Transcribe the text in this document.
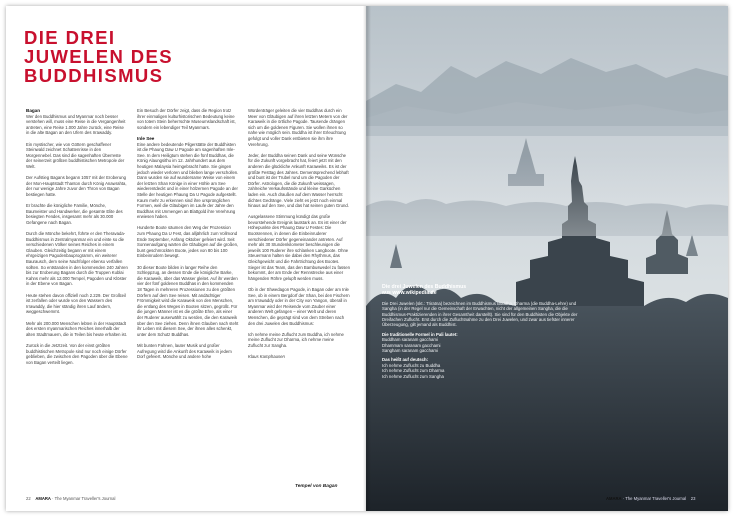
DIE DREI
JUWELEN DES
BUDDHISMUS
Bagan

Wer den Buddhismus und Myanmar noch besser verstehen will, muss eine Reise in die Vergangenheit antreten, eine Reise 1.000 Jahre zurück, eine Reise in die alte Bagan an den Ufern des Irrawaddy.

Ein mystischer, wie von Göttern geschaffener Steinwald zeichnet Schattenrisse in den Morgennebel. Das sind die sagenhaften Überreste der seinerzeit größten buddhistischen Metropole der Welt.

Der Aufstieg Bagans begann 1057 mit der Eroberung der Mon-Hauptstadt Thanton durch König Anawrahta, der nur wenige Jahre zuvor den Thron von Bagan bestiegen hatte.

Er brachte die königliche Familie, Mönche, Baumeister und Handwerker, die gesamte Elite des besiegten Fendes, insgesamt mehr als 30.000 Gefangene nach Bagan.

Durch die Mönche bekehrt, führte er den Theravada-Buddhismus in Zentralmyanmar ein und einte so die verschiedenen Völker seines Reiches in einem Glauben. Gleichzeitig begann er mit einem ehrgeizigen Pagodenbauprogramm, ein weiterer Baurausch, dem seine Nachfolger ebenso verfallen sollten. So entstanden in den kommenden 240 Jahren bis zur Eroberung Bagans durch die Truppen Kublai Kahns mehr als 12.000 Tempel, Pagoden und Klöster in der Ebene von Bagan.

Heute stehen davon offiziell noch 2.229. Der Großteil ist zerfallen oder wurde von den Wassern des Irrawaddy, die hier ständig ihren Lauf ändern, weggeschwemmt.

Mehr als 200.000 Menschen lebten in der Hauptstadt des ersten myanmarischen Reiches innerhalb der alten Stadtmauern, die in Teilen bis heute erhalten ist.

Zurück in die Jetztzeit. Von der einst größten buddhistischen Metropole sind nur noch einige Dörfer geblieben, die zwischen den Pagoden über die Ebene von Bagan verteilt liegen.

Ein Besuch der Dörfer zeigt, dass die Region trotz ihrer einmaligen kulturhistorischen Bedeutung keine von totem Stein beherrschte Museumslandschaft ist, sondern ein lebendiger Teil Myanmars.

Inle See

Eine andere bedeutende Pilgerstätte der Buddhisten ist die Phaung Daw U Pagode am sagenhaften Inle-See. In dem Heiligtum stehen die fünf Buddhas, die König Alaungsithu im 12. Jahrhundert aus dem heutigen Malaysia heimgebracht hatte. Sie gingen jedoch wieder verloren und blieben lange verschollen. Dann wurden sie auf wundersame Weise von einem der letzten Shan Könige in einer Höhle am See wiederentdeckt und in einer hölzernen Pagode an der Stelle der heutigen Phaung Da U Pagode aufgestellt. Kaum mehr zu erkennen sind ihre ursprünglichen Formen, weil die Gläubigen im Laufe der Jahre den Buddhas mit Unmengen an Blattgold ihre Verehrung erwiesen haben.

Hunderte Boote säumen den Weg der Prozession zum Phaung Da U Fest, das alljährlich zum Vollmond Ende September, Anfang Oktober gefeiert wird. Seit Sonnenaufgang warten die Gläubigen auf die großen, bunt geschmückten Boote, jedes von 80 bis 100 Einbeinrudern bewegt.

30 dieser Boote bilden in langer Reihe den Schleppzug, an dessen Ende die königliche Barke, die Karaweik, über das Wasser gleitet. Auf ihr werden vier der fünf goldenen Buddhas in den kommenden 18 Tagen in mehreren Prozessionen zu den größten Dörfern auf dem See reisen. Mit andächtiger Frömmigkeit wird die Karaweik von den Menschen, die entlang des Weges in Booten sitzen, gegrüßt. Für die jungen Männer ist es die größte Ehre, als einer der Ruderer auserwählt zu werden, die den Karaweik über den See ziehen. Denn ihnen Glauben nach steht ihr Leben mit diesem See, der ihnen alles schenkt, unter dem Schutz Buddhas.

Mit bunten Fahnen, lauter Musik und großer Aufregung wird die Ankunft des Karaweik in jedem Dorf gefeiert. Mönche und andere hohe

Würdenträger geleiten die vier Buddhas durch ein Meer von Gläubigen auf ihren letzten Metern von der Karaweik in die örtliche Pagode. Tausende drängen sich um die goldenen Figuren. Sie wollen ihnen so nahe wie möglich sein. Buddha ist ihrer Erleuchtung gefolgt und voller Dank entbieten sie ihm ihre Verehrung.

Jeder, der Buddha seinen Dank und seine Wünsche für die Zukunft vorgebracht hat, feiert jetzt mit den anderen die glückliche Ankunft Karaweiks. Es ist der größte Festtag des Jahres. Dementsprechend lebhaft und bunt ist der Trubel rund um die Pagoden der Dörfer. Astrologen, die die Zukunft weissagen, zahlreiche Verkaufsstände und kleine Garküchen laden ein. Auch draußen auf dem Wasser herrscht dichtes Gedränge. Viele zieht es jetzt noch einmal hinaus auf den See, und das hat seinen guten Grund.

Ausgelassene Stimmung kündigt das große bevorstehende Ereignis lautstark an. Es ist einer der Höhepunkte des Phaung Daw U Festes: Die Bootsrennen, in denen die Einbeinruderer verschiedener Dörfer gegeneinander antreten. Auf mehr als 30 Stundenkilometer beschleunigen die jeweils 100 Ruderer ihre schlanken Langboote. Ohne Steuermann halten sie dabei den Rhythmus, das Gleichgewicht und die Fahrtrichtung des Bootes. Sieger ist das Team, das den Bambuswedel zu fassen bekommt, der am Ende der Rennstrecke aus einer hängenden Röhre gelupft werden muss.

Ob in der Shwedagon Pagode, in Bagan oder am Inle See, ob in einem Bergdorf der Shan, bei den Fischern am Irrawaddy oder in der City von Yangon, überall in Myanmar wird der Reisende vom Zauber einer anderen Welt gefangen – einer Welt und deren Menschen, die geprägt sind von dem Streben nach den drei Juwelen des Buddhismus:

Ich nehme meine Zuflucht zum Buddha, ich nehme meine Zuflucht zur Dharma, ich nehme meine Zuflucht zur Sangha.

Klaus Kamphausen

Tempel von Bagan
22 AMARA · The Myanmar Traveller's Journal
Die drei Juwelen des Buddhismus
aus www.wikipedia.de

Die Drei Juwelen (skt.: Triratna) bezeichnen im Buddhismus Buddha, Dharma (die Buddha-Lehre) und Sangha (in der Regel nur die Gemeinschaft der Erwachten, nicht der allgemeinen Sangha, die die Buddhismus-Praktizierenden in ihrer Gesamtheit darstellt). Sie sind für den Buddhisten die Objekte der Dreifachen Zuflucht. Erst durch die Zufluchtnahme zu den Drei Juwelen, und zwar aus tiefster innerer Überzeugung, gilt jemand als Buddhist.

Die traditionelle Formel in Pali lautet:

Buddham saranam gacchami
Dhammam saranam gacchami
Sangham saranam gacchami

Das heißt auf deutsch:

Ich nehme Zuflucht zu Buddha
Ich nehme Zuflucht zum Dharma
Ich nehme Zuflucht zum Sangha
AMARA · The Myanmar Traveller's Journal 23
